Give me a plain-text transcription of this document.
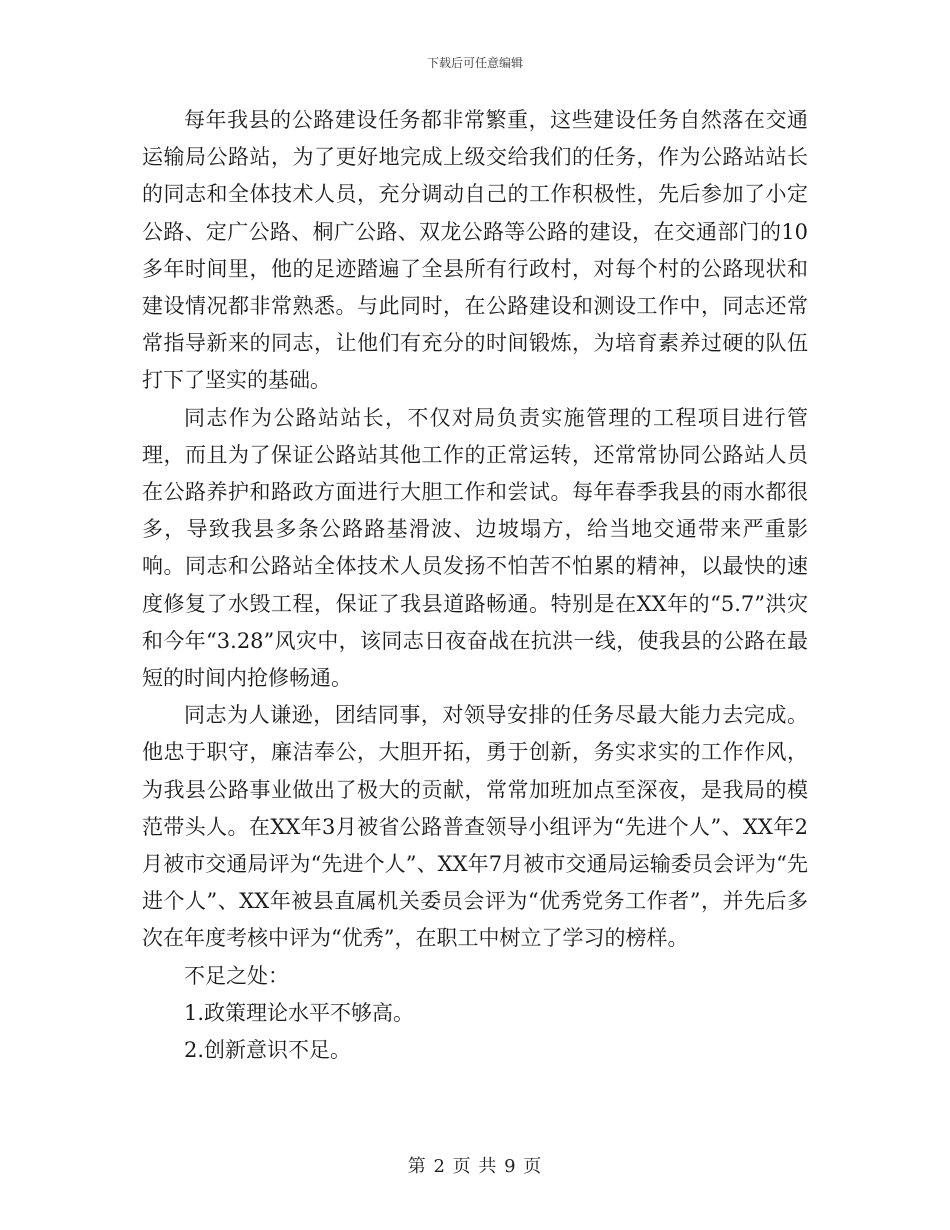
下载后可任意编辑

每年我县的公路建设任务都非常繁重，这些建设任务自然落在交通运输局公路站，为了更好地完成上级交给我们的任务，作为公路站站长的同志和全体技术人员，充分调动自己的工作积极性，先后参加了小定公路、定广公路、桐广公路、双龙公路等公路的建设，在交通部门的10多年时间里，他的足迹踏遍了全县所有行政村，对每个村的公路现状和建设情况都非常熟悉。与此同时，在公路建设和测设工作中，同志还常常指导新来的同志，让他们有充分的时间锻炼，为培育素养过硬的队伍打下了坚实的基础。

同志作为公路站站长，不仅对局负责实施管理的工程项目进行管理，而且为了保证公路站其他工作的正常运转，还常常协同公路站人员在公路养护和路政方面进行大胆工作和尝试。每年春季我县的雨水都很多，导致我县多条公路路基滑波、边坡塌方，给当地交通带来严重影响。同志和公路站全体技术人员发扬不怕苦不怕累的精神，以最快的速度修复了水毁工程，保证了我县道路畅通。特别是在XX年的“5.7”洪灾和今年“3.28”风灾中，该同志日夜奋战在抗洪一线，使我县的公路在最短的时间内抢修畅通。

同志为人谦逊，团结同事，对领导安排的任务尽最大能力去完成。他忠于职守，廉洁奉公，大胆开拓，勇于创新，务实求实的工作作风，为我县公路事业做出了极大的贡献，常常加班加点至深夜，是我局的模范带头人。在XX年3月被省公路普查领导小组评为“先进个人”、XX年2月被市交通局评为“先进个人”、XX年7月被市交通局运输委员会评为“先进个人”、XX年被县直属机关委员会评为“优秀党务工作者”，并先后多次在年度考核中评为“优秀”，在职工中树立了学习的榜样。

不足之处：

1.政策理论水平不够高。

2.创新意识不足。

第 2 页 共 9 页
